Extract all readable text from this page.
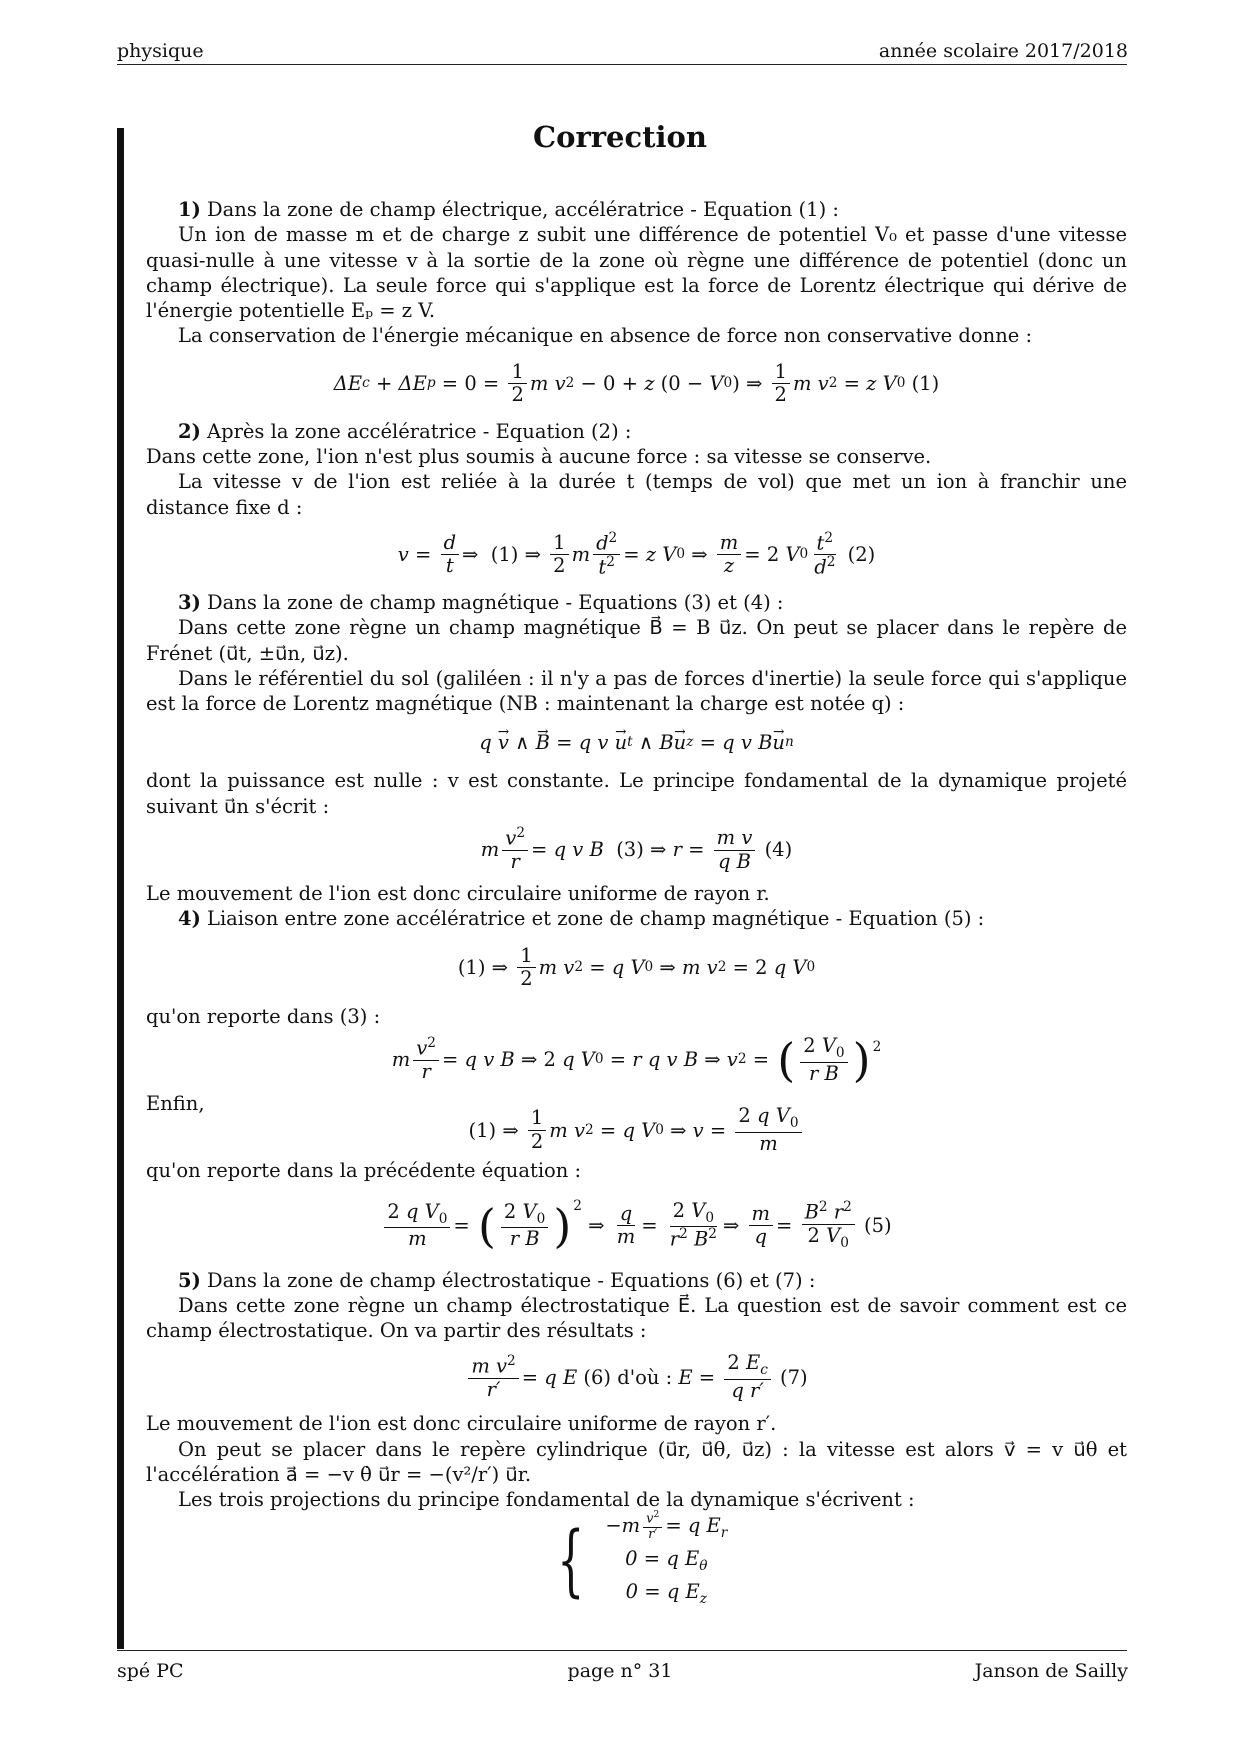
physique	année scolaire 2017/2018
Correction

1) Dans la zone de champ électrique, accélératrice - Equation (1) :

Un ion de masse m et de charge z subit une différence de potentiel V₀ et passe d'une vitesse quasi-nulle à une vitesse v à la sortie de la zone où règne une différence de potentiel (donc un champ électrique). La seule force qui s'applique est la force de Lorentz électrique qui dérive de l'énergie potentielle Eₚ = z V.

La conservation de l'énergie mécanique en absence de force non conservative donne :

Δ E c + Δ E $p = 0 = \frac{1}{2}$ m v 2 − 0 + z (0 − V 0 ) ⇒ $\frac{1}{2}$ m v 2 = z V 0
(1)

2) Après la zone accélératrice - Equation (2) :

Dans cette zone, l'ion n'est plus soumis à aucune force : sa vitesse se conserve.

La vitesse v de l'ion est reliée à la durée t (temps de vol) que met un ion à franchir une distance fixe d :

$v = \frac{d}{t}$ ⇒  (1) ⇒ $\frac{1}{2}$ m $\frac{d^2}{t^2} = z$ V 0 ⇒ $\frac{m}{z} = 2$ V $0 \frac{t^2}{d^2}$
(2)

3) Dans la zone de champ magnétique - Equations (3) et (4) :

Dans cette zone règne un champ magnétique B⃗ = B u⃗z. On peut se placer dans le repère de Frénet (u⃗t, ±u⃗n, u⃗z).

Dans le référentiel du sol (galiléen : il n'y a pas de forces d'inertie) la seule force qui s'applique est la force de Lorentz magnétique (NB : maintenant la charge est notée q) :

q → v ∧ → B = q v → u t ∧ B → u z = q v B → u n

dont la puissance est nulle : v est constante. Le principe fondamental de la dynamique projeté suivant u⃗n s'écrit :

m $\frac{v^2}{r} = q$ v B (3) ⇒ $r = \frac{\text{m v}}{\text{q B}}$
(4)

Le mouvement de l'ion est donc circulaire uniforme de rayon r.

4) Liaison entre zone accélératrice et zone de champ magnétique - Equation (5) :

(1) ⇒ $\frac{1}{2}$ m v 2 = q V 0 ⇒ m v 2 = 2 q V 0

qu'on reporte dans (3) :

m $\frac{v^2}{r} = q$ v B ⇒ 2 q V 0 = r q v B ⇒ v 2 = ( $\frac{2 V_0}{\text{r B}} )^2$

Enfin,

(1) ⇒ $\frac{1}{2}$ m v 2 = q V 0 ⇒ $v = \frac{2 q V_0}{m}$

qu'on reporte dans la précédente équation :

$\frac{2 q V_0}{m}$ = ( $\frac{2 V_0}{\text{r B}} )^2$
⇒ $\frac{q}{m} = \frac{2 V_0}{r^2 B^2}$ ⇒ $\frac{m}{q} = \frac{B^2 r^2}{2 V_0}$
(5)

5) Dans la zone de champ électrostatique - Equations (6) et (7) :

Dans cette zone règne un champ électrostatique E⃗. La question est de savoir comment est ce champ électrostatique. On va partir des résultats :

$\frac{m v^2}{r'} = q$ E (6)
d'où : $E = \frac{2 E_c}{\text{q r′}}$
(7)

Le mouvement de l'ion est donc circulaire uniforme de rayon r′.

On peut se placer dans le repère cylindrique (u⃗r, u⃗θ, u⃗z) : la vitesse est alors v⃗ = v u⃗θ et l'accélération a⃗ = −v θ̇ u⃗r = −(v²/r′) u⃗r.

Les trois projections du principe fondamental de la dynamique s'écrivent :

{ $-m \frac{v^2}{r'} = q$ $E_r$
0 = q $E_\theta$
0 = q $E_z$
spé PC	page n° 31	Janson de Sailly
